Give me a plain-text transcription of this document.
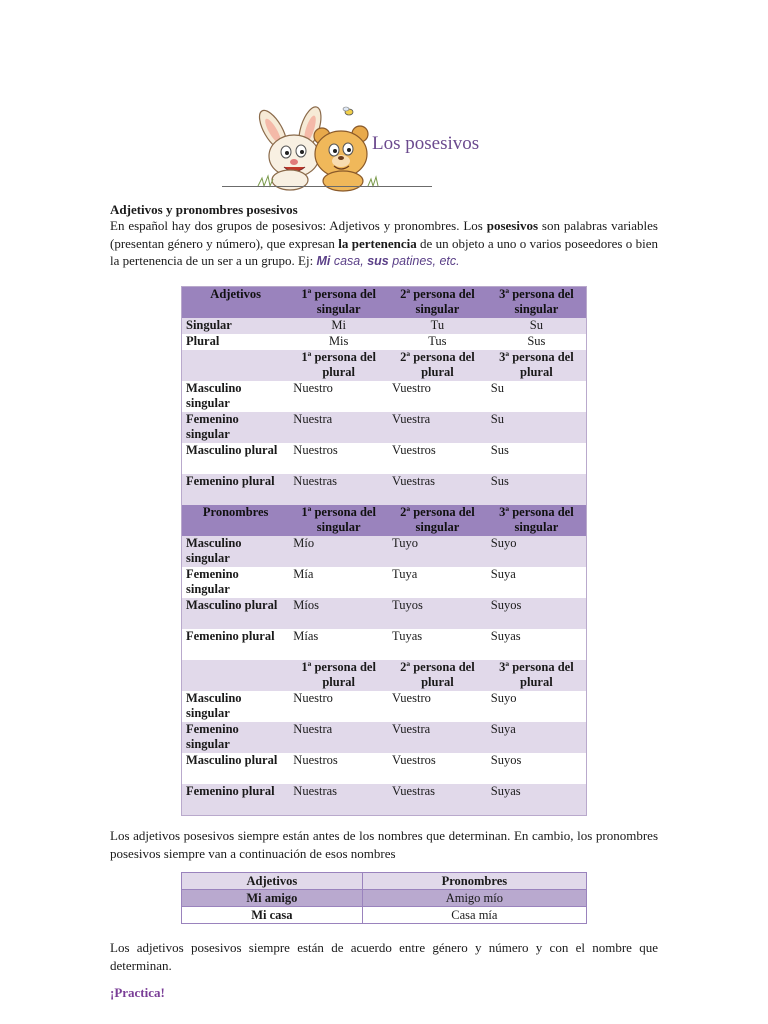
Los posesivos
Adjetivos y pronombres posesivos

En español hay dos grupos de posesivos: Adjetivos y pronombres. Los posesivos son palabras variables (presentan género y número), que expresan la pertenencia de un objeto a uno o varios poseedores o bien la pertenencia de un ser a un grupo. Ej: Mi casa, sus patines, etc.

Adjetivos	1ª persona del singular	2ª persona del singular	3ª persona del singular
Singular	Mi	Tu	Su
Plural	Mis	Tus	Sus
	1ª persona del plural	2ª persona del plural	3ª persona del plural
Masculino singular	Nuestro	Vuestro	Su
Femenino singular	Nuestra	Vuestra	Su
Masculino plural	Nuestros	Vuestros	Sus
Femenino plural	Nuestras	Vuestras	Sus
Pronombres	1ª persona del singular	2ª persona del singular	3ª persona del singular
Masculino singular	Mío	Tuyo	Suyo
Femenino singular	Mía	Tuya	Suya
Masculino plural	Míos	Tuyos	Suyos
Femenino plural	Mías	Tuyas	Suyas
	1ª persona del plural	2ª persona del plural	3ª persona del plural
Masculino singular	Nuestro	Vuestro	Suyo
Femenino singular	Nuestra	Vuestra	Suya
Masculino plural	Nuestros	Vuestros	Suyos
Femenino plural	Nuestras	Vuestras	Suyas

Los adjetivos posesivos siempre están antes de los nombres que determinan. En cambio, los pronombres posesivos siempre van a continuación de esos nombres

Adjetivos	Pronombres
Mi amigo	Amigo mío
Mi casa	Casa mía

Los adjetivos posesivos siempre están de acuerdo entre género y número y con el nombre que determinan.

¡Practica!
